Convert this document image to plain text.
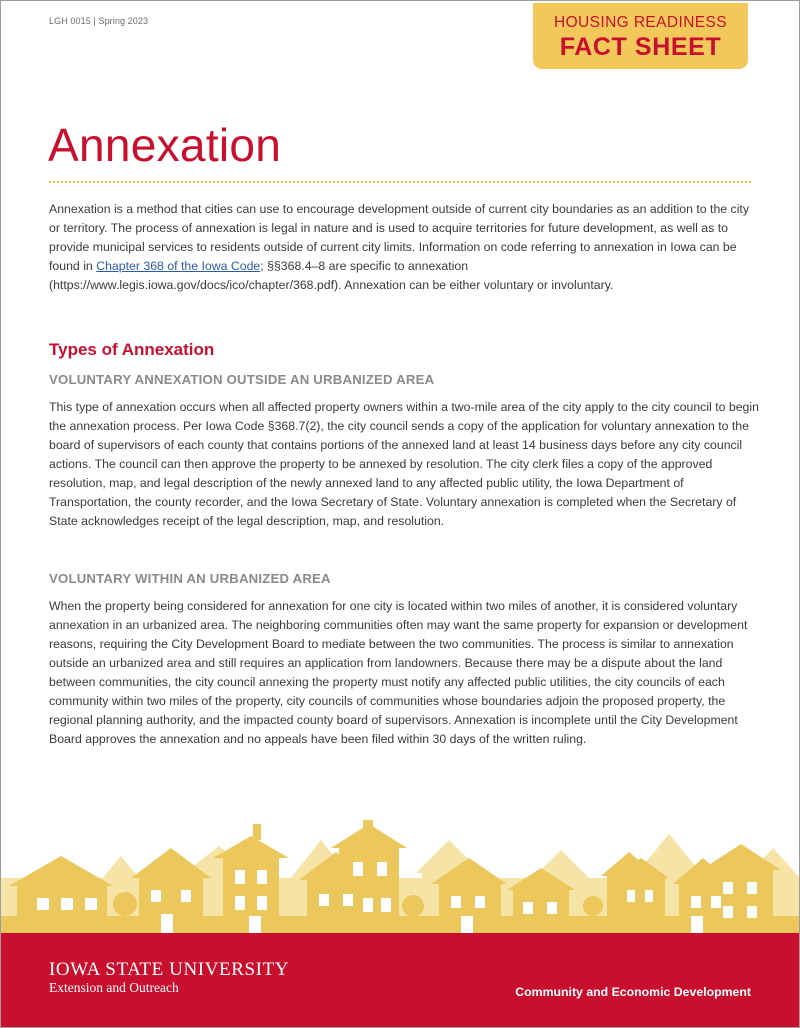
LGH 0015 | Spring 2023	HOUSING READINESS
FACT SHEET
Annexation

Annexation is a method that cities can use to encourage development outside of current city boundaries as an addition to the city or territory. The process of annexation is legal in nature and is used to acquire territories for future development, as well as to provide municipal services to residents outside of current city limits. Information on code referring to annexation in Iowa can be found in Chapter 368 of the Iowa Code; §§368.4–8 are specific to annexation (https://www.legis.iowa.gov/docs/ico/chapter/368.pdf). Annexation can be either voluntary or involuntary.

Types of Annexation
VOLUNTARY ANNEXATION OUTSIDE AN URBANIZED AREA

This type of annexation occurs when all affected property owners within a two-mile area of the city apply to the city council to begin the annexation process. Per Iowa Code §368.7(2), the city council sends a copy of the application for voluntary annexation to the board of supervisors of each county that contains portions of the annexed land at least 14 business days before any city council actions. The council can then approve the property to be annexed by resolution. The city clerk files a copy of the approved resolution, map, and legal description of the newly annexed land to any affected public utility, the Iowa Department of Transportation, the county recorder, and the Iowa Secretary of State. Voluntary annexation is completed when the Secretary of State acknowledges receipt of the legal description, map, and resolution.

VOLUNTARY WITHIN AN URBANIZED AREA

When the property being considered for annexation for one city is located within two miles of another, it is considered voluntary annexation in an urbanized area. The neighboring communities often may want the same property for expansion or development reasons, requiring the City Development Board to mediate between the two communities. The process is similar to annexation outside an urbanized area and still requires an application from landowners. Because there may be a dispute about the land between communities, the city council annexing the property must notify any affected public utilities, the city councils of each community within two miles of the property, city councils of communities whose boundaries adjoin the proposed property, the regional planning authority, and the impacted county board of supervisors. Annexation is incomplete until the City Development Board approves the annexation and no appeals have been filed within 30 days of the written ruling.

IOWA STATE UNIVERSITY
Extension and Outreach	Community and Economic Development
